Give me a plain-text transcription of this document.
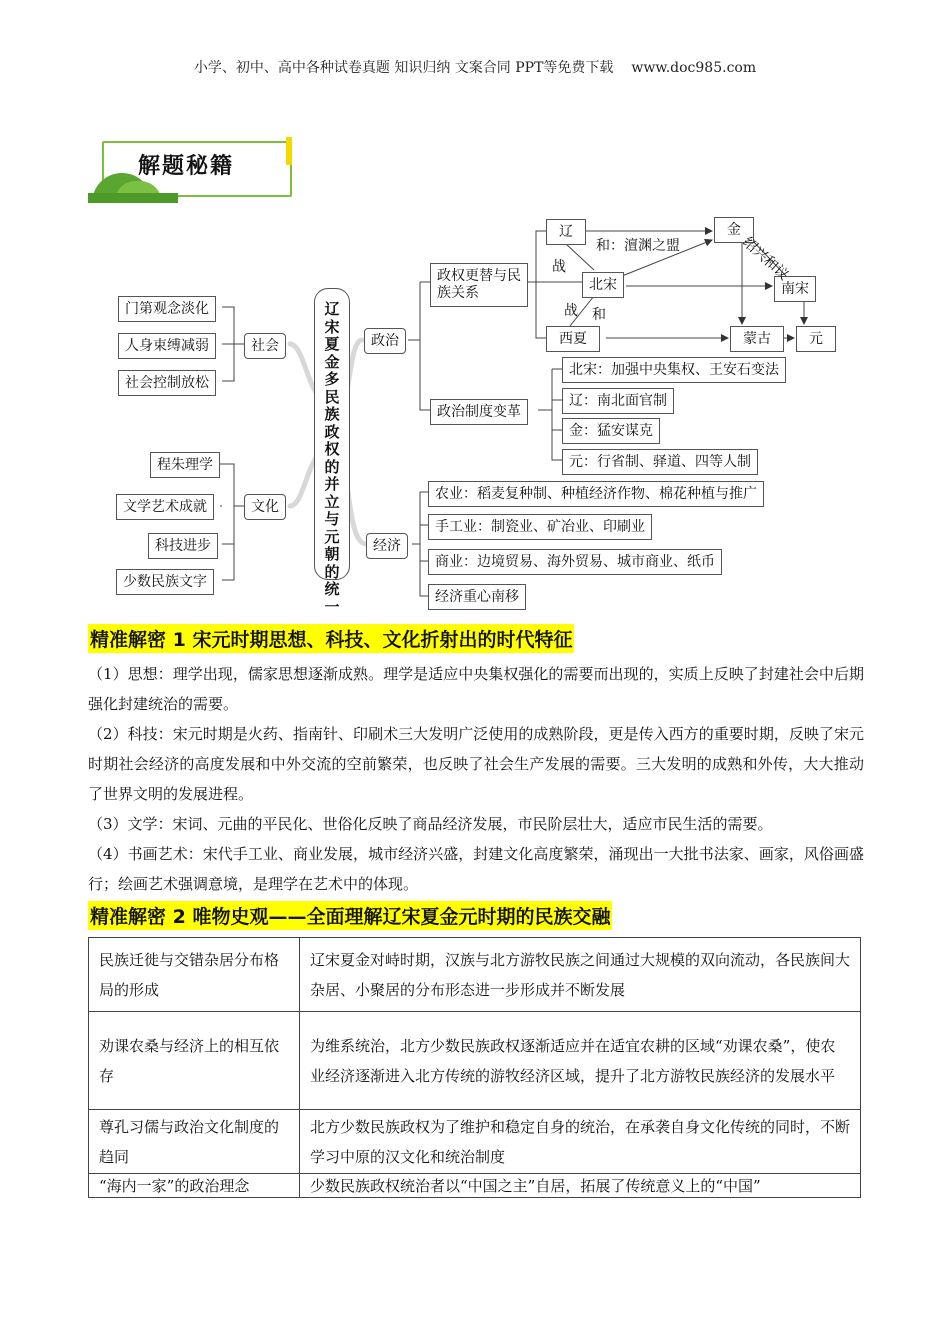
小学、初中、高中各种试卷真题 知识归纳 文案合同 PPT等免费下载 www.doc985.com
解题秘籍
门第观念淡化
人身束缚减弱
社会控制放松
社会
程朱理学
文学艺术成就
科技进步
少数民族文字
文化
辽宋夏金多民族政权的并立与元朝的统一
政治
政权更替与民族关系
政治制度变革
北宋：加强中央集权、王安石变法
辽：南北面官制
金：猛安谋克
元：行省制、驿道、四等人制
辽	金
北宋	南宋
西夏	蒙古	元
和：澶渊之盟
战
战 和
绍兴和议
经济
农业：稻麦复种制、种植经济作物、棉花种植与推广
手工业：制瓷业、矿冶业、印刷业
商业：边境贸易、海外贸易、城市商业、纸币
经济重心南移
精准解密 1 宋元时期思想、科技、文化折射出的时代特征
（1）思想：理学出现，儒家思想逐渐成熟。理学是适应中央集权强化的需要而出现的，实质上反映了封建社会中后期强化封建统治的需要。
（2）科技：宋元时期是火药、指南针、印刷术三大发明广泛使用的成熟阶段，更是传入西方的重要时期，反映了宋元时期社会经济的高度发展和中外交流的空前繁荣，也反映了社会生产发展的需要。三大发明的成熟和外传，大大推动了世界文明的发展进程。
（3）文学：宋词、元曲的平民化、世俗化反映了商品经济发展，市民阶层壮大，适应市民生活的需要。
（4）书画艺术：宋代手工业、商业发展，城市经济兴盛，封建文化高度繁荣，涌现出一大批书法家、画家，风俗画盛行；绘画艺术强调意境，是理学在艺术中的体现。
精准解密 2 唯物史观——全面理解辽宋夏金元时期的民族交融
民族迁徙与交错杂居分布格局的形成	辽宋夏金对峙时期，汉族与北方游牧民族之间通过大规模的双向流动，各民族间大杂居、小聚居的分布形态进一步形成并不断发展
劝课农桑与经济上的相互依存	为维系统治，北方少数民族政权逐渐适应并在适宜农耕的区域“劝课农桑”，使农业经济逐渐进入北方传统的游牧经济区域，提升了北方游牧民族经济的发展水平
尊孔习儒与政治文化制度的趋同	北方少数民族政权为了维护和稳定自身的统治，在承袭自身文化传统的同时，不断学习中原的汉文化和统治制度
“海内一家”的政治理念	少数民族政权统治者以“中国之主”自居，拓展了传统意义上的“中国”
